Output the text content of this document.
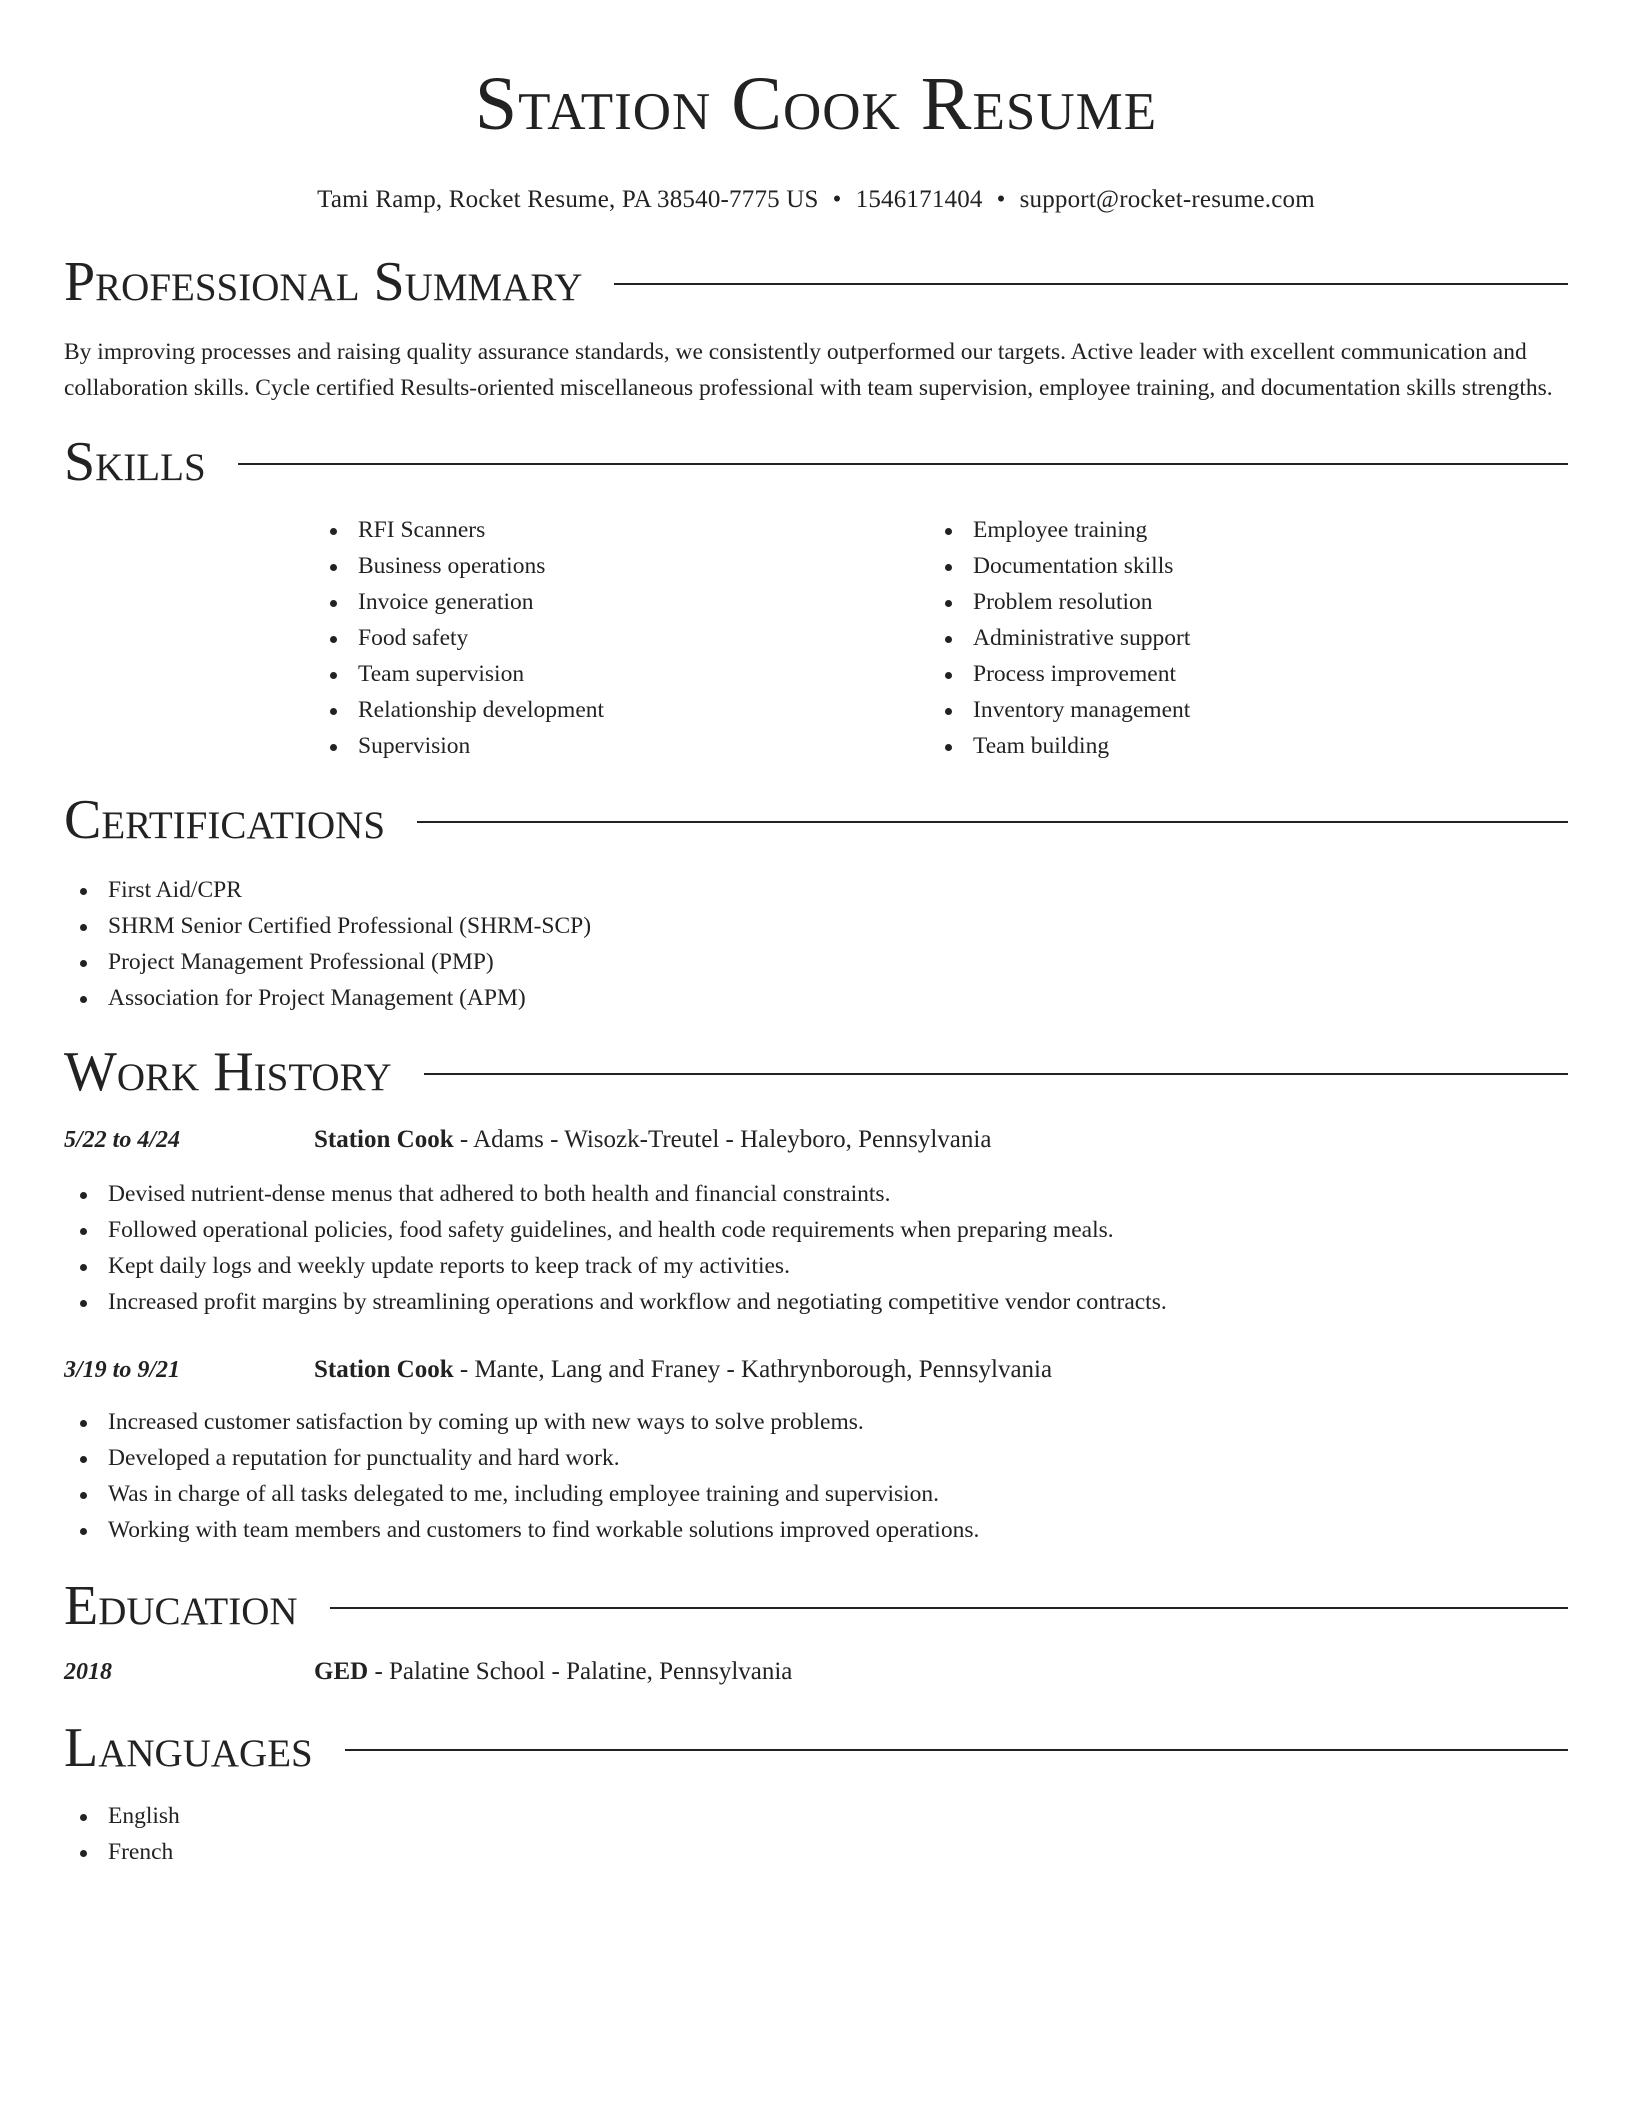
Station Cook Resume
Tami Ramp, Rocket Resume, PA 38540-7775 US • 1546171404 • support@rocket-resume.com
Professional Summary

By improving processes and raising quality assurance standards, we consistently outperformed our targets. Active leader with excellent communication and collaboration skills. Cycle certified Results-oriented miscellaneous professional with team supervision, employee training, and documentation skills strengths.

Skills
RFI Scanners
Business operations
Invoice generation
Food safety
Team supervision
Relationship development
Supervision
Employee training
Documentation skills
Problem resolution
Administrative support
Process improvement
Inventory management
Team building
Certifications
First Aid/CPR
SHRM Senior Certified Professional (SHRM-SCP)
Project Management Professional (PMP)
Association for Project Management (APM)
Work History
5/22 to 4/24	Station Cook - Adams - Wisozk-Treutel - Haleyboro, Pennsylvania
Devised nutrient-dense menus that adhered to both health and financial constraints.
Followed operational policies, food safety guidelines, and health code requirements when preparing meals.
Kept daily logs and weekly update reports to keep track of my activities.
Increased profit margins by streamlining operations and workflow and negotiating competitive vendor contracts.
3/19 to 9/21	Station Cook - Mante, Lang and Franey - Kathrynborough, Pennsylvania
Increased customer satisfaction by coming up with new ways to solve problems.
Developed a reputation for punctuality and hard work.
Was in charge of all tasks delegated to me, including employee training and supervision.
Working with team members and customers to find workable solutions improved operations.
Education
2018	GED - Palatine School - Palatine, Pennsylvania
Languages
English
French
